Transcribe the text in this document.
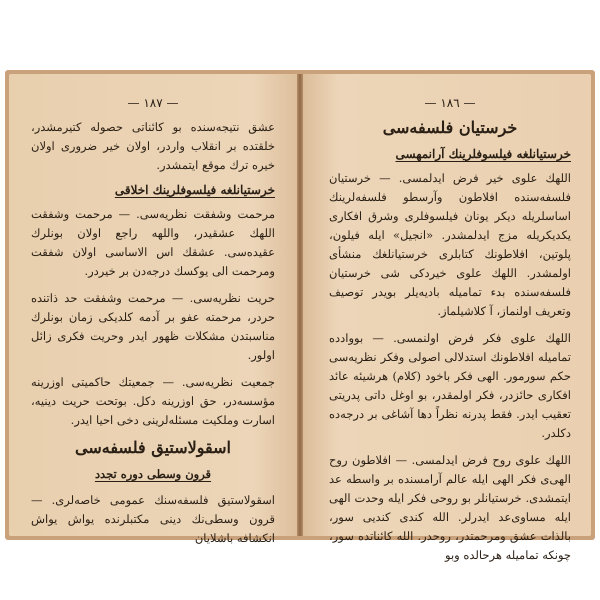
— ١٨٧ —

عشق نتيجه‌سنده بو كائناتى حصوله كتيرمشدر، خلقتده بر انقلاب واردر، اولان خير ضرورى اولان خيره ترك موقع ايتمشدر.

خرستيانلغه فيلسوفلرينك اخلاقى

مرحمت وشفقت نظريه‌سى. — مرحمت وشفقت اللهك عشقيدر، واللهه راجع اولان بونلرك عقيده‌سى. عشقك اس الاساسى اولان شفقت ومرحمت الى يوكسك درجه‌دن بر خيردر.

حريت نظريه‌سى. — مرحمت وشفقت حد ذاتنده حردر، مرحمته عفو بر آدمه كلديكى زمان بونلرك مناسبتدن مشكلات ظهور ايدر وحريت فكرى زائل اولور.

جمعيت نظريه‌سى. — جمعيتك حاكميتى اوزرينه مؤسسه‌در، حق اوزرينه دكل. بوتحت حريت دينيه، اسارت وملكيت مسئله‌لرينى دخى احيا ايدر.

اسقولاستيق فلسفه‌سى
قرون وسطى دوره تجدد

اسقولاستيق فلسفه‌سنك عمومى خاصه‌لرى. — قرون وسطى‌نك دينى مكتبلرنده يواش يواش انكشافه باشلايان

— ١٨٦ —
خرستيان فلسفه‌سى
خرستيانلغه فيلسوفلرينك آرانمهسى

اللهك علوى خير فرض ايدلمسى. — خرستيان فلسفه‌سنده افلاطون وآرسطو فلسفه‌لرينك اساسلريله ديكر يونان فيلسوفلرى وشرق افكارى يكديكريله مزج ايدلمشدر. «انجيل» ايله فيلون، پلوتين، افلاطونك كتابلرى خرستيانلغك منشأى اولمشدر. اللهك علوى خيردكى شى خرستيان فلسفه‌سنده بدء تماميله باديه‌يلر بويدر توصيف وتعريف اولنماز، آ كلاشيلماز.

اللهك علوى فكر فرض اولنمسى. — بووادده تماميله افلاطونك استدلالى اصولى وفكر نظريه‌سى حكم سورمور. الهى فكر باخود (كلام) هرشيئه عائد افكارى حائزدر، فكر اولمقدر، بو اوغل داتى پدريتى تعقيب ايدر. فقط پدرنه نظراً دها آشاغى بر درجه‌ده دكلدر.

اللهك علوى روح فرض ايدلمسى. — افلاطون روح الهى‌ى فكر الهى ايله عالم آرامسنده بر واسطه عد ايتمشدى. خرستيانلر بو روحى فكر ايله وحدت الهى ايله مساوى‌عد ايدرلر. الله كندى كنديى سور، بالذات عشق ومرحمتدر، روحدر. الله كائناتده سور، چونكه تماميله هرحالده وبو
